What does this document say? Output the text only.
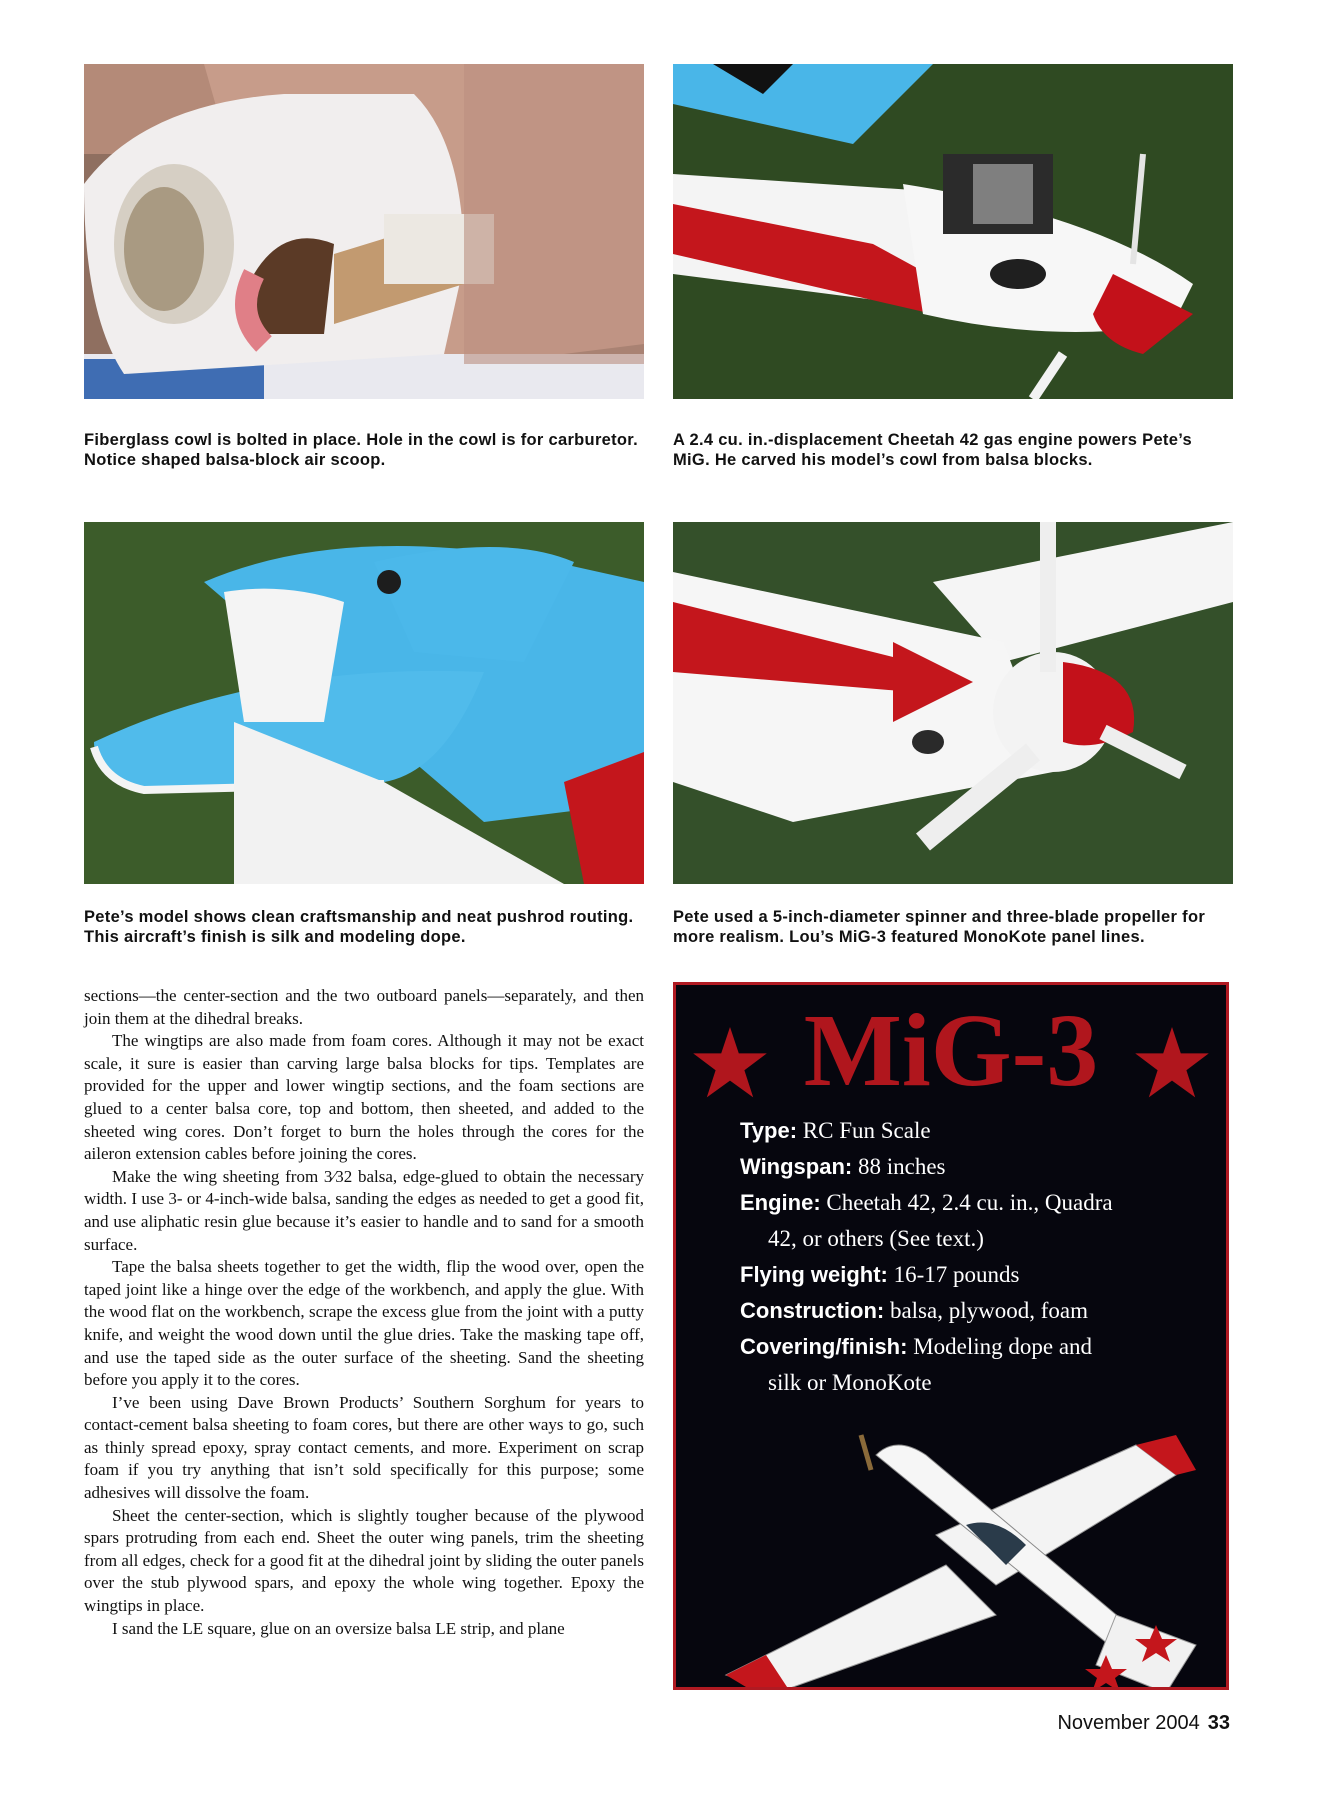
Fiberglass cowl is bolted in place. Hole in the cowl is for carburetor. Notice shaped balsa-block air scoop.
A 2.4 cu. in.-displacement Cheetah 42 gas engine powers Pete’s MiG. He carved his model’s cowl from balsa blocks.
Pete’s model shows clean craftsmanship and neat pushrod routing. This aircraft’s finish is silk and modeling dope.
Pete used a 5-inch-diameter spinner and three-blade propeller for more realism. Lou’s MiG-3 featured MonoKote panel lines.

sections—the center-section and the two outboard panels—separately, and then join them at the dihedral breaks.

The wingtips are also made from foam cores. Although it may not be exact scale, it sure is easier than carving large balsa blocks for tips. Templates are provided for the upper and lower wingtip sections, and the foam sections are glued to a center balsa core, top and bottom, then sheeted, and added to the sheeted wing cores. Don’t forget to burn the holes through the cores for the aileron extension cables before joining the cores.

Make the wing sheeting from 3⁄32 balsa, edge-glued to obtain the necessary width. I use 3- or 4-inch-wide balsa, sanding the edges as needed to get a good fit, and use aliphatic resin glue because it’s easier to handle and to sand for a smooth surface.

Tape the balsa sheets together to get the width, flip the wood over, open the taped joint like a hinge over the edge of the workbench, and apply the glue. With the wood flat on the workbench, scrape the excess glue from the joint with a putty knife, and weight the wood down until the glue dries. Take the masking tape off, and use the taped side as the outer surface of the sheeting. Sand the sheeting before you apply it to the cores.

I’ve been using Dave Brown Products’ Southern Sorghum for years to contact-cement balsa sheeting to foam cores, but there are other ways to go, such as thinly spread epoxy, spray contact cements, and more. Experiment on scrap foam if you try anything that isn’t sold specifically for this purpose; some adhesives will dissolve the foam.

Sheet the center-section, which is slightly tougher because of the plywood spars protruding from each end. Sheet the outer wing panels, trim the sheeting from all edges, check for a good fit at the dihedral joint by sliding the outer panels over the stub plywood spars, and epoxy the whole wing together. Epoxy the wingtips in place.

I sand the LE square, glue on an oversize balsa LE strip, and plane

MiG-3
Type: RC Fun Scale
Wingspan: 88 inches
Engine: Cheetah 42, 2.4 cu. in., Quadra
42, or others (See text.)
Flying weight: 16-17 pounds
Construction: balsa, plywood, foam
Covering/finish: Modeling dope and
silk or MonoKote
November 2004 33
